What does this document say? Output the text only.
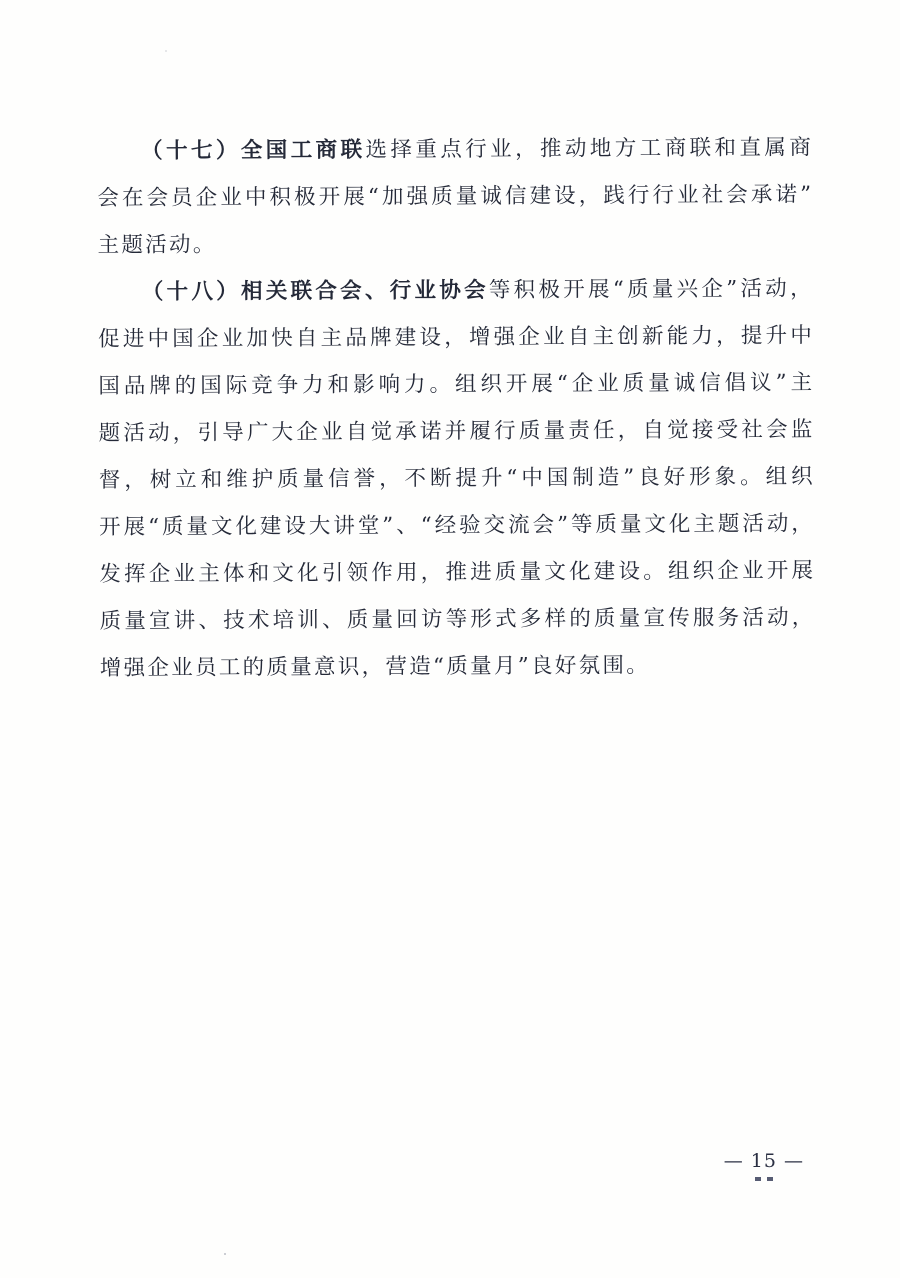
（十七）全国工商联选择重点行业，推动地方工商联和直属商
会在会员企业中积极开展“加强质量诚信建设，践行行业社会承诺”
主题活动。
（十八）相关联合会、行业协会等积极开展“质量兴企”活动，
促进中国企业加快自主品牌建设，增强企业自主创新能力，提升中
国品牌的国际竞争力和影响力。组织开展“企业质量诚信倡议”主
题活动，引导广大企业自觉承诺并履行质量责任，自觉接受社会监
督，树立和维护质量信誉，不断提升“中国制造”良好形象。组织
开展“质量文化建设大讲堂”、“经验交流会”等质量文化主题活动，
发挥企业主体和文化引领作用，推进质量文化建设。组织企业开展
质量宣讲、技术培训、质量回访等形式多样的质量宣传服务活动，
增强企业员工的质量意识，营造“质量月”良好氛围。
— 15 —
